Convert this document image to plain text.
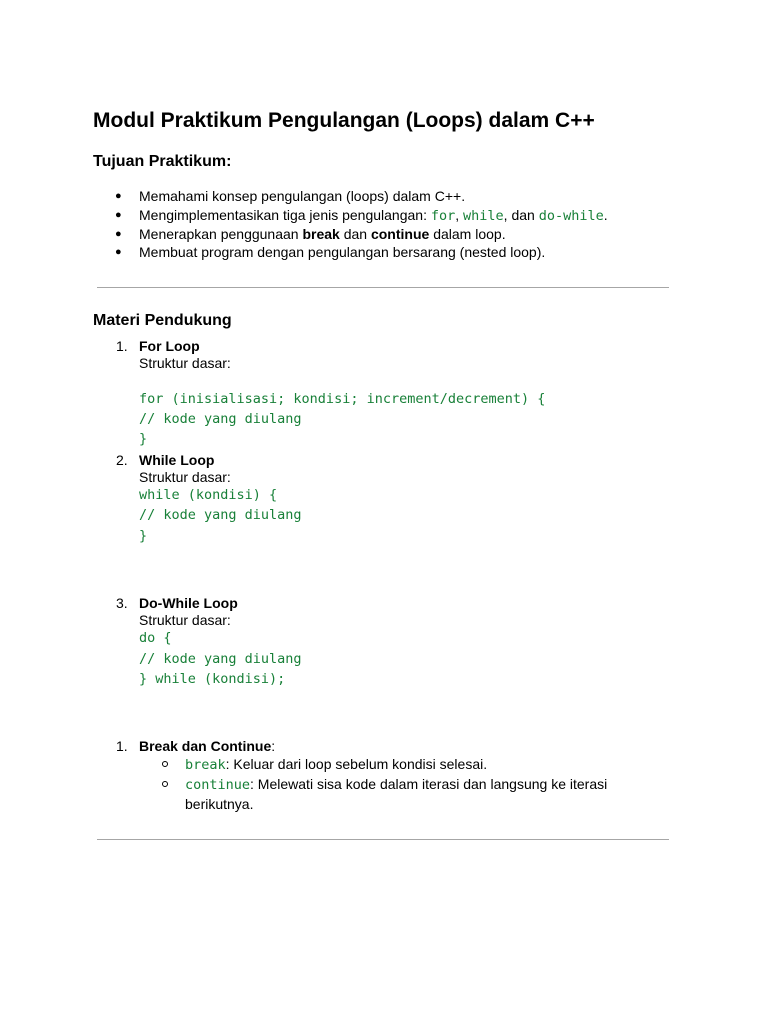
Modul Praktikum Pengulangan (Loops) dalam C++
Tujuan Praktikum:
● Memahami konsep pengulangan (loops) dalam C++.
● Mengimplementasikan tiga jenis pengulangan: for, while, dan do-while.
● Menerapkan penggunaan break dan continue dalam loop.
● Membuat program dengan pengulangan bersarang (nested loop).
Materi Pendukung
1. For Loop
Struktur dasar:
for (inisialisasi; kondisi; increment/decrement) {
// kode yang diulang
}
2. While Loop
Struktur dasar:
while (kondisi) {
// kode yang diulang
}
3. Do-While Loop
Struktur dasar:
do {
// kode yang diulang
} while (kondisi);
1. Break dan Continue:
break: Keluar dari loop sebelum kondisi selesai.
continue: Melewati sisa kode dalam iterasi dan langsung ke iterasi
berikutnya.
